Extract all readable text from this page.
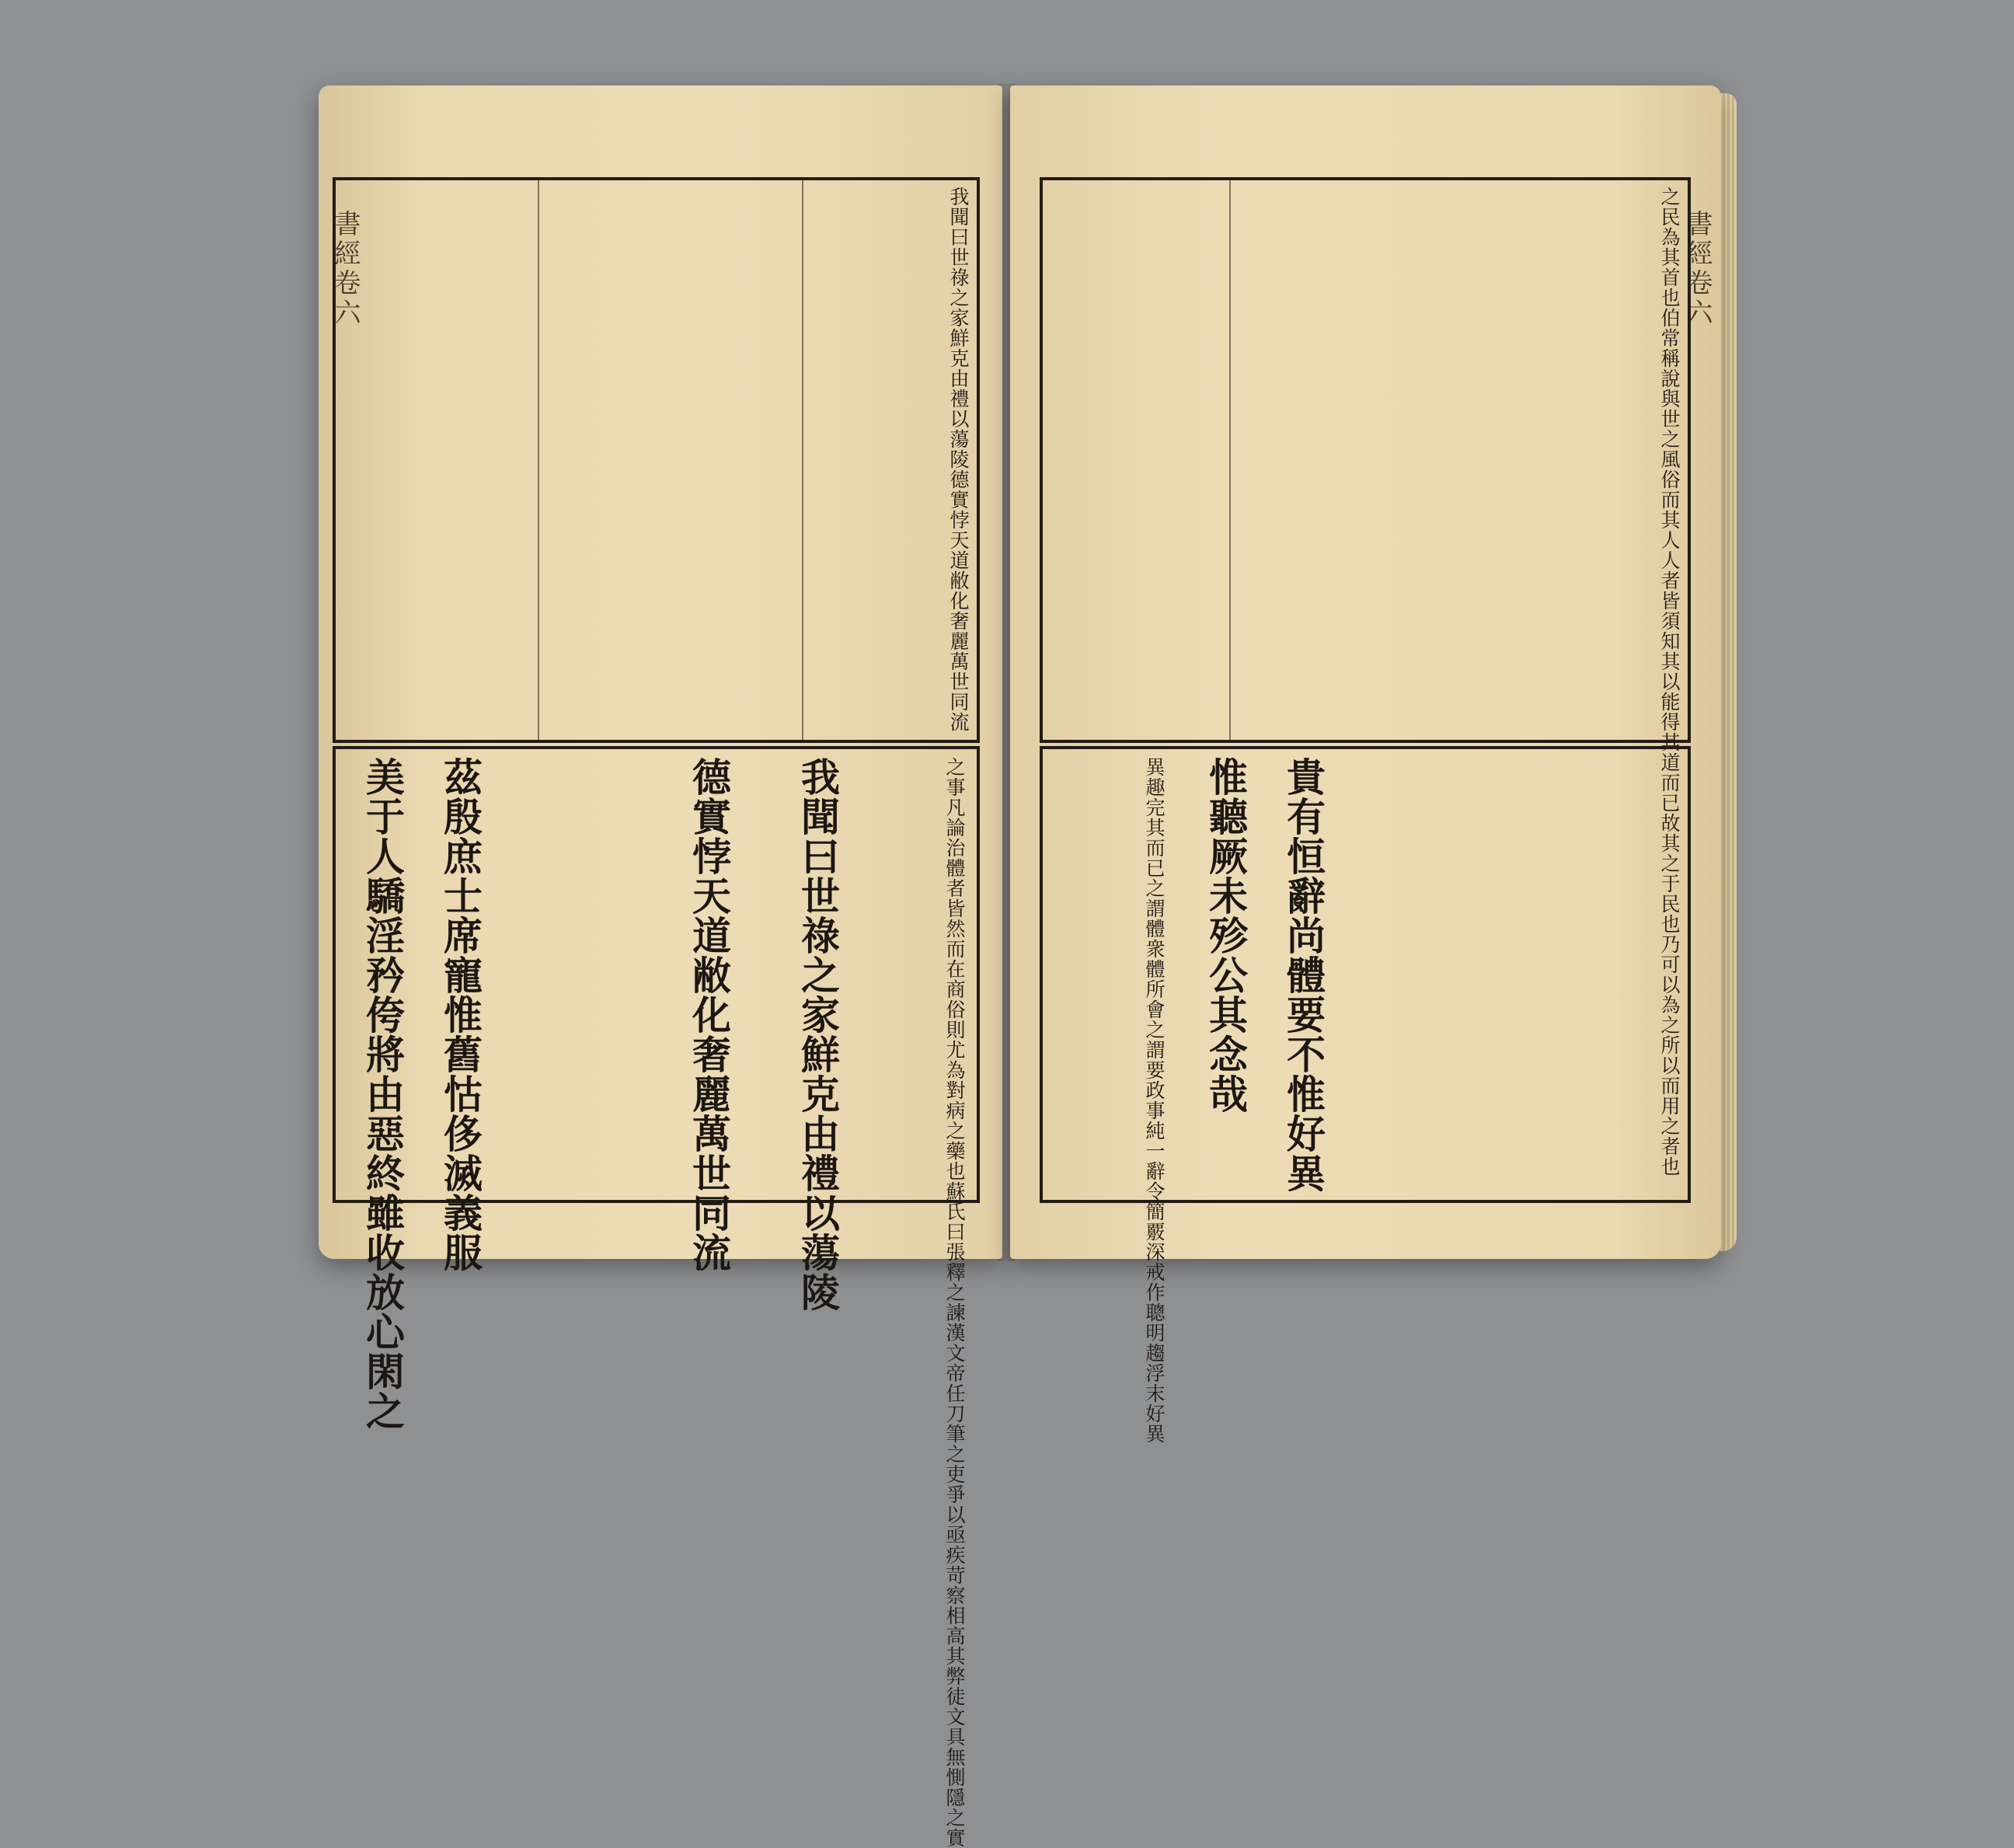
書經卷六	我聞曰世祿之家鮮克由禮以蕩陵德實悖天道敝化奢麗萬世同流
之事凡論治體者皆然而在商俗則尤為對病之藥也蘇氏曰張釋之諫漢文帝任刀筆之吏爭以亟疾苛察相高其弊徒文具無惻隱之實
我聞曰世祿之家鮮克由禮以蕩陵
德實悖天道敝化奢麗萬世同流
茲殷庶士席寵惟舊怙侈滅義服
美于人驕淫矜侉將由惡終雖收放心閑之
書經卷六
之民為其首也伯常稱說與世之風俗而其人人者皆須知其以能得其道而已故其之于民也乃可以為之所以而用之者也
異趣完其而已之謂體衆體所會之謂要政事純一辭令簡覈深戒作聰明趨浮末好異 惟聽厥未殄公其念哉 貴有恒辭尚體要不惟好異
